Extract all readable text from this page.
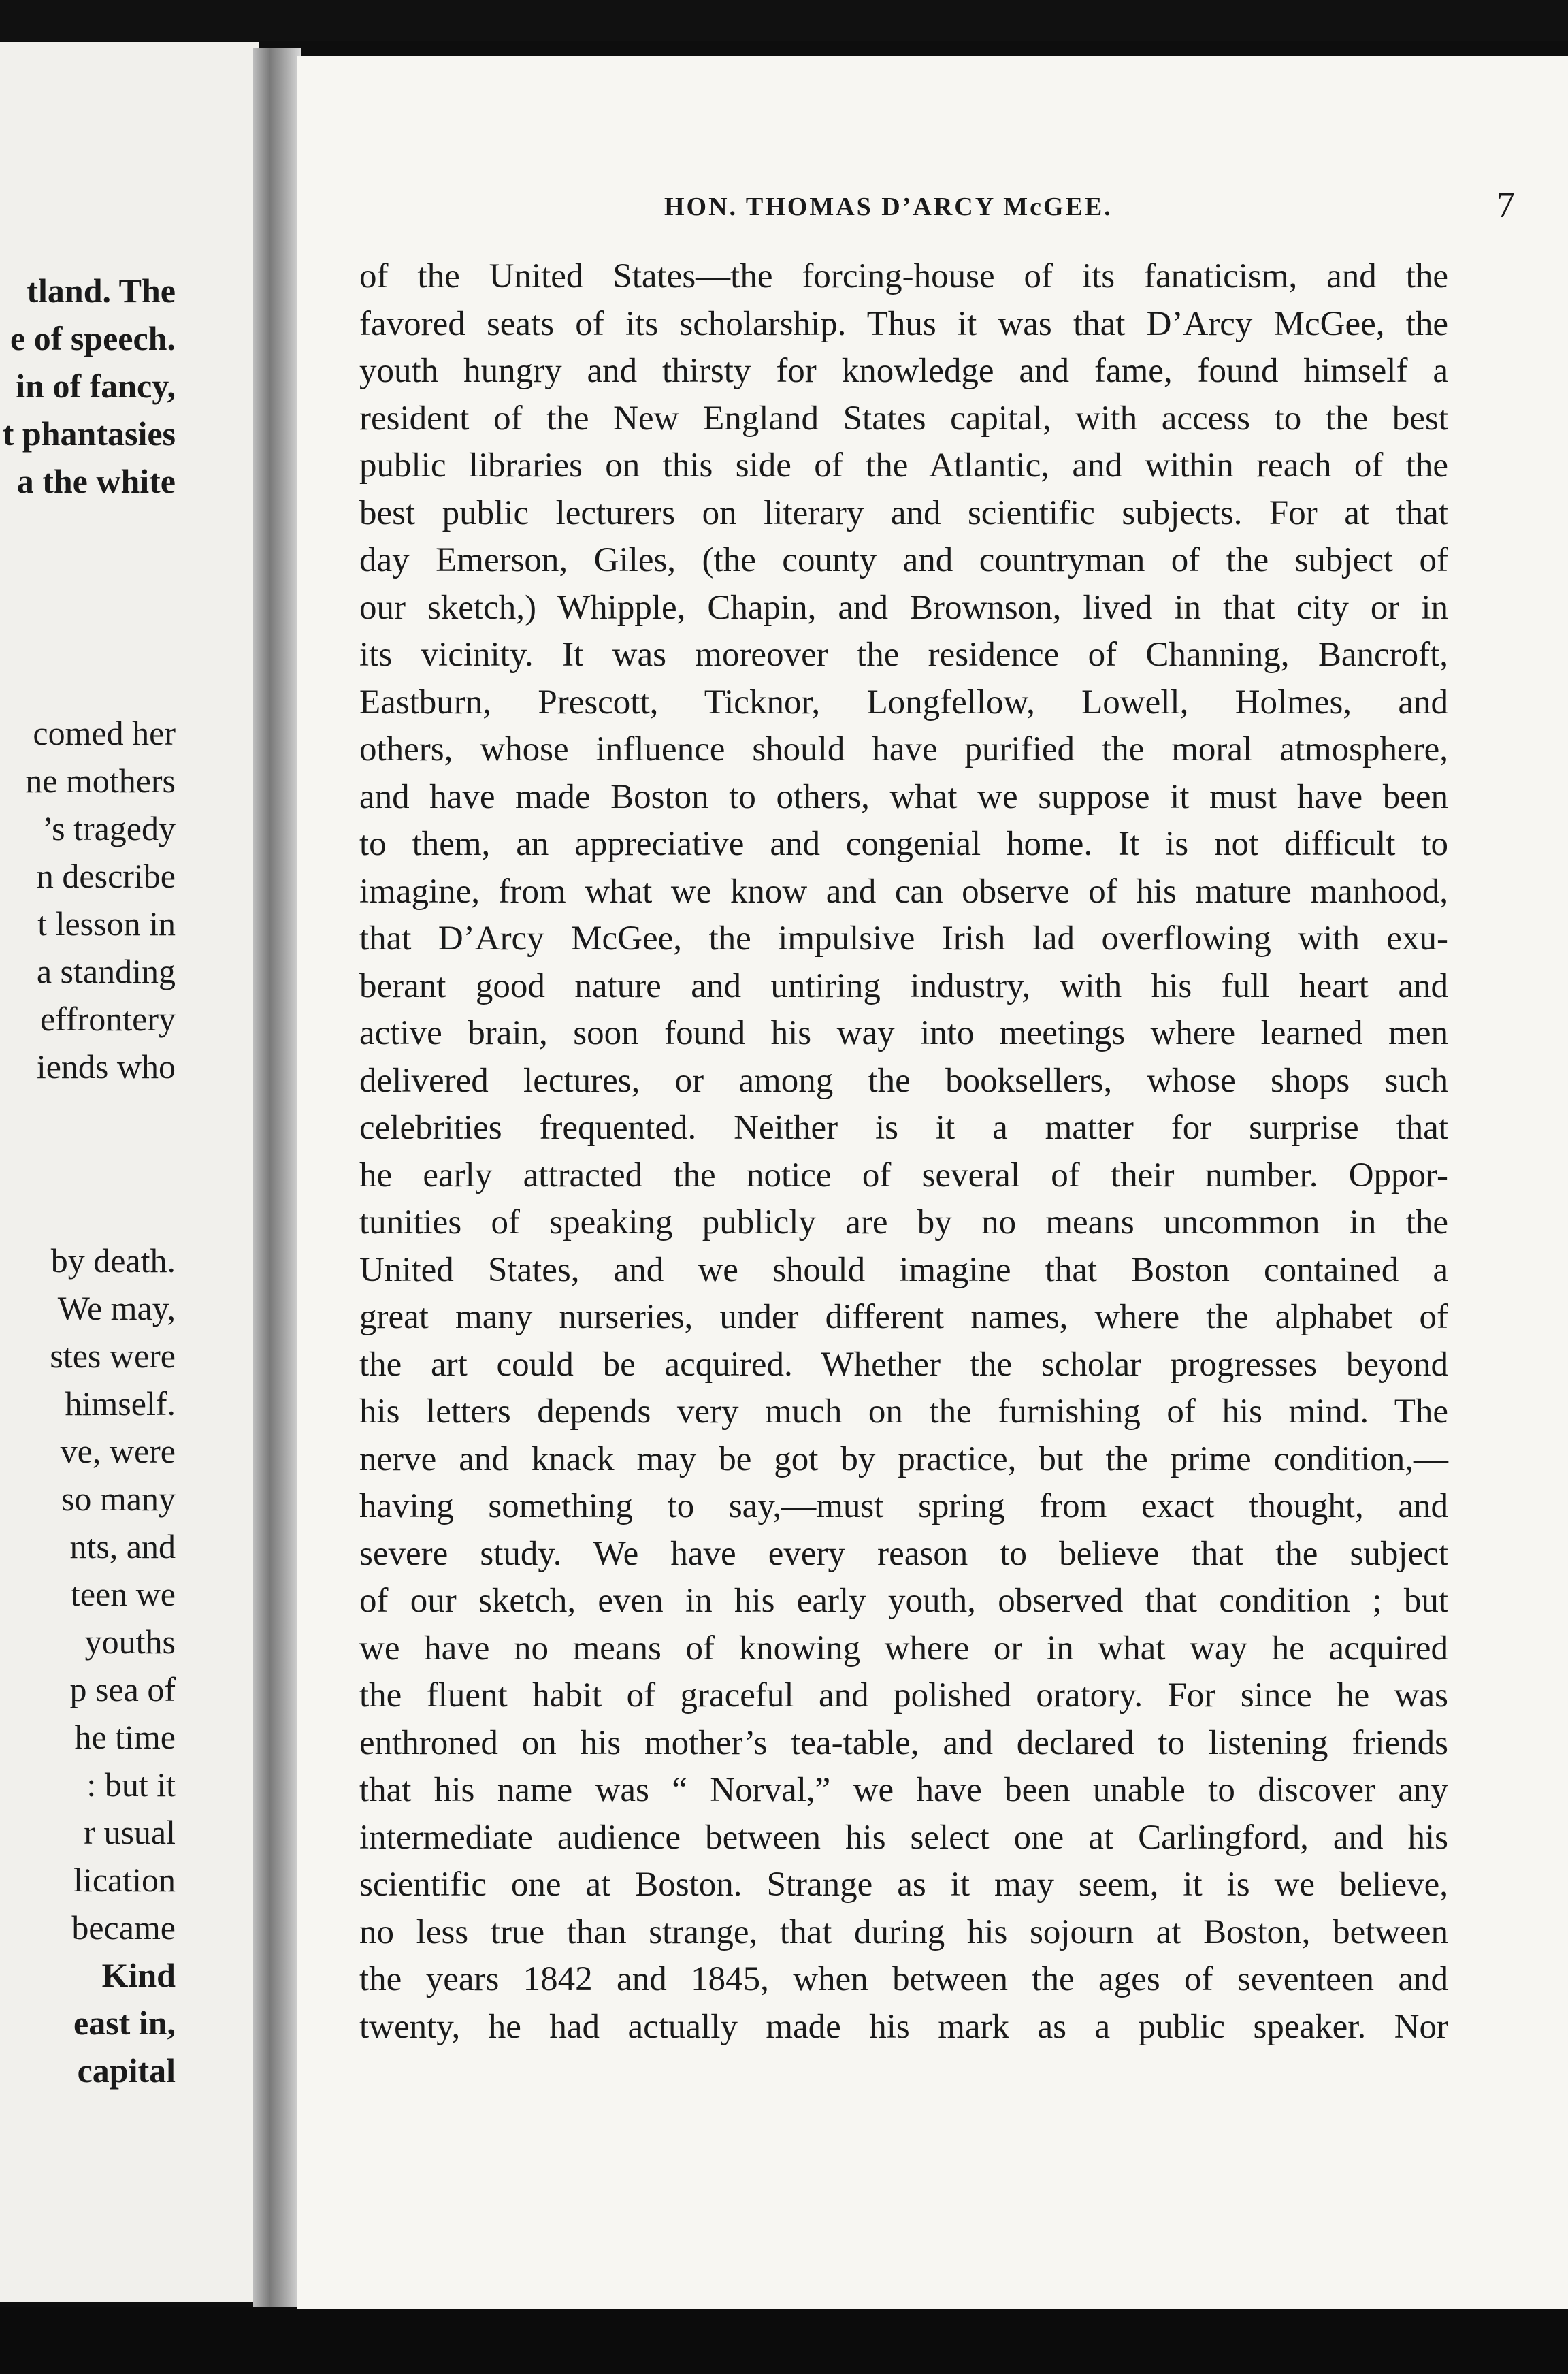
tland. The
e of speech.
in of fancy,
t phantasies
a the white
comed her
ne mothers
’s tragedy
n describe
t lesson in
a standing
effrontery
iends who
by death.
We may,
stes were
himself.
ve, were
so many
nts, and
teen we
youths
p sea of
he time
: but it
r usual
lication
became
Kind
east in,
capital
HON. THOMAS D’ARCY McGEE.	7
of the United States—the forcing-house of its fanaticism, and the
favored seats of its scholarship. Thus it was that D’Arcy McGee, the
youth hungry and thirsty for knowledge and fame, found himself a
resident of the New England States capital, with access to the best
public libraries on this side of the Atlantic, and within reach of the
best public lecturers on literary and scientific subjects. For at that
day Emerson, Giles, (the county and countryman of the subject of
our sketch,) Whipple, Chapin, and Brownson, lived in that city or in
its vicinity. It was moreover the residence of Channing, Bancroft,
Eastburn, Prescott, Ticknor, Longfellow, Lowell, Holmes, and
others, whose influence should have purified the moral atmosphere,
and have made Boston to others, what we suppose it must have been
to them, an appreciative and congenial home. It is not difficult to
imagine, from what we know and can observe of his mature manhood,
that D’Arcy McGee, the impulsive Irish lad overflowing with exu-
berant good nature and untiring industry, with his full heart and
active brain, soon found his way into meetings where learned men
delivered lectures, or among the booksellers, whose shops such
celebrities frequented. Neither is it a matter for surprise that
he early attracted the notice of several of their number. Oppor-
tunities of speaking publicly are by no means uncommon in the
United States, and we should imagine that Boston contained a
great many nurseries, under different names, where the alphabet of
the art could be acquired. Whether the scholar progresses beyond
his letters depends very much on the furnishing of his mind. The
nerve and knack may be got by practice, but the prime condition,—
having something to say,—must spring from exact thought, and
severe study. We have every reason to believe that the subject
of our sketch, even in his early youth, observed that condition ; but
we have no means of knowing where or in what way he acquired
the fluent habit of graceful and polished oratory. For since he was
enthroned on his mother’s tea-table, and declared to listening friends
that his name was “ Norval,” we have been unable to discover any
intermediate audience between his select one at Carlingford, and his
scientific one at Boston. Strange as it may seem, it is we believe,
no less true than strange, that during his sojourn at Boston, between
the years 1842 and 1845, when between the ages of seventeen and
twenty, he had actually made his mark as a public speaker. Nor
